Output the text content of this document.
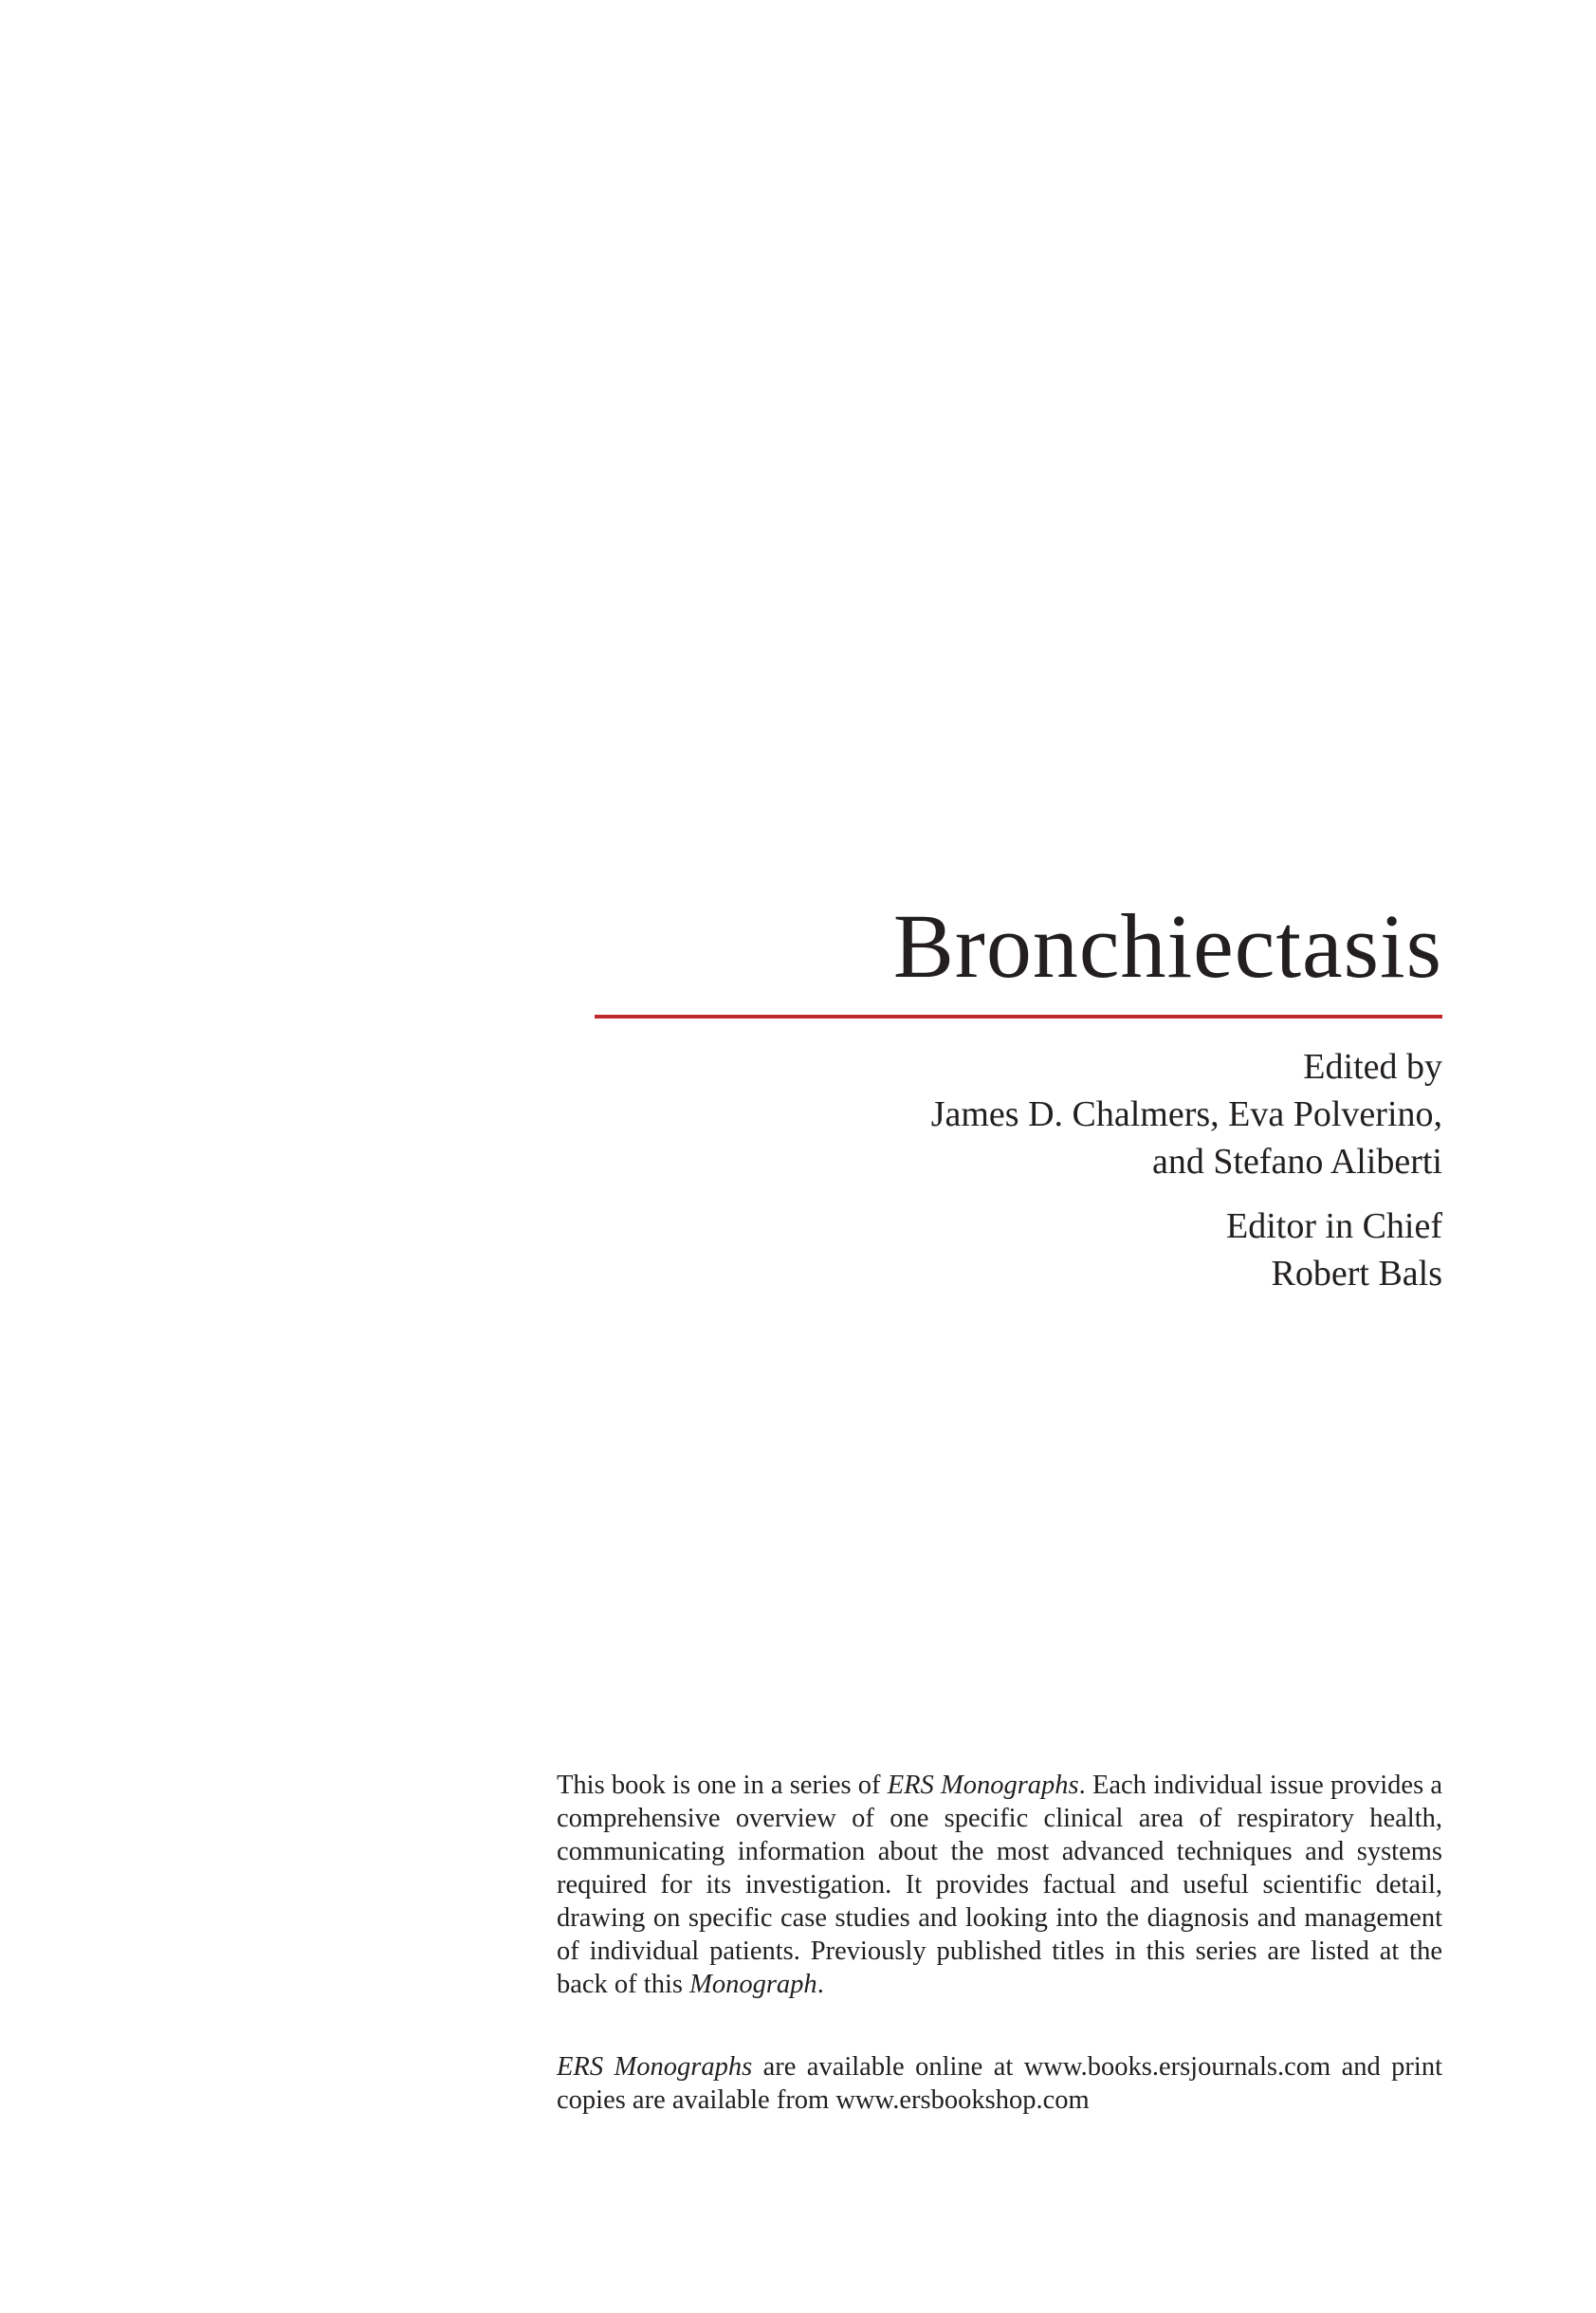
Bronchiectasis
Edited by
James D. Chalmers, Eva Polverino,
and Stefano Aliberti
Editor in Chief
Robert Bals

This book is one in a series of ERS Monographs. Each individual issue provides a comprehensive overview of one specific clinical area of respiratory health, communicating information about the most advanced techniques and systems required for its investigation. It provides factual and useful scientific detail, drawing on specific case studies and looking into the diagnosis and management of individual patients. Previously published titles in this series are listed at the back of this Monograph.

ERS Monographs are available online at www.books.ersjournals.com and print copies are available from www.ersbookshop.com
